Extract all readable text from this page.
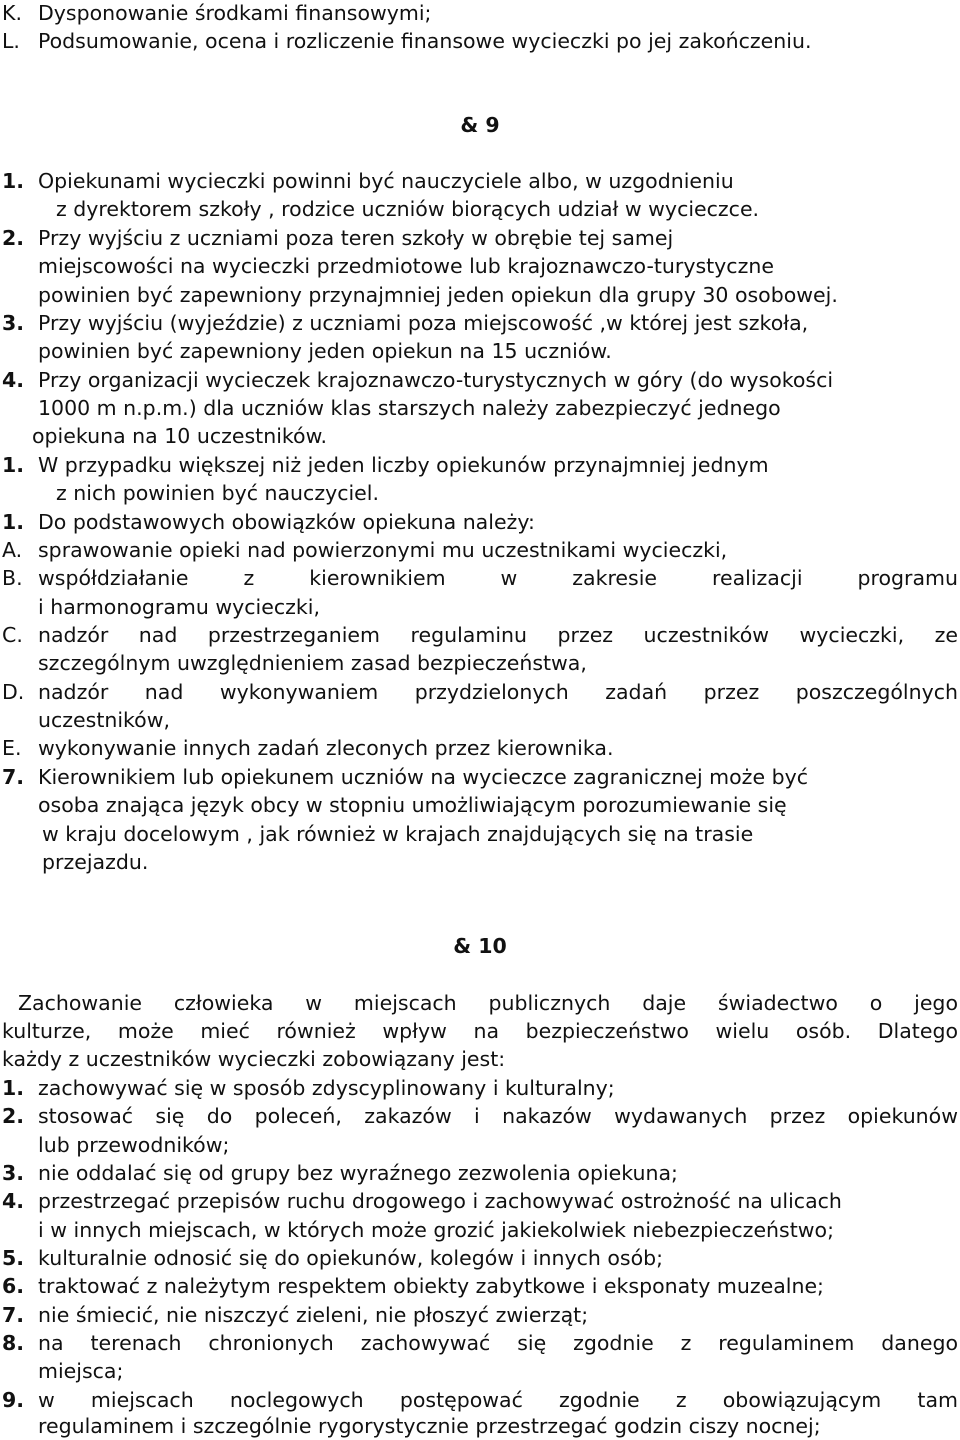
K. Dysponowanie środkami finansowymi;
L. Podsumowanie, ocena i rozliczenie finansowe wycieczki po jej zakończeniu.
& 9
1. Opiekunami wycieczki powinni być nauczyciele albo, w uzgodnieniu
z dyrektorem szkoły , rodzice uczniów biorących udział w wycieczce.
2. Przy wyjściu z uczniami poza teren szkoły w obrębie tej samej
miejscowości na wycieczki przedmiotowe lub krajoznawczo-turystyczne
powinien być zapewniony przynajmniej jeden opiekun dla grupy 30 osobowej.
3. Przy wyjściu (wyjeździe) z uczniami poza miejscowość ,w której jest szkoła,
powinien być zapewniony jeden opiekun na 15 uczniów.
4. Przy organizacji wycieczek krajoznawczo-turystycznych w góry (do wysokości
1000 m n.p.m.) dla uczniów klas starszych należy zabezpieczyć jednego
opiekuna na 10 uczestników.
1. W przypadku większej niż jeden liczby opiekunów przynajmniej jednym
z nich powinien być nauczyciel.
1. Do podstawowych obowiązków opiekuna należy:
A. sprawowanie opieki nad powierzonymi mu uczestnikami wycieczki,
B. współdziałanie z kierownikiem w zakresie realizacji programu
i harmonogramu wycieczki,
C. nadzór nad przestrzeganiem regulaminu przez uczestników wycieczki, ze
szczególnym uwzględnieniem zasad bezpieczeństwa,
D. nadzór nad wykonywaniem przydzielonych zadań przez poszczególnych
uczestników,
E. wykonywanie innych zadań zleconych przez kierownika.
7. Kierownikiem lub opiekunem uczniów na wycieczce zagranicznej może być
osoba znająca język obcy w stopniu umożliwiającym porozumiewanie się
w kraju docelowym , jak również w krajach znajdujących się na trasie
przejazdu.
& 10
Zachowanie człowieka w miejscach publicznych daje świadectwo o jego
kulturze, może mieć również wpływ na bezpieczeństwo wielu osób. Dlatego
każdy z uczestników wycieczki zobowiązany jest:
1. zachowywać się w sposób zdyscyplinowany i kulturalny;
2. stosować się do poleceń, zakazów i nakazów wydawanych przez opiekunów
lub przewodników;
3. nie oddalać się od grupy bez wyraźnego zezwolenia opiekuna;
4. przestrzegać przepisów ruchu drogowego i zachowywać ostrożność na ulicach
i w innych miejscach, w których może grozić jakiekolwiek niebezpieczeństwo;
5. kulturalnie odnosić się do opiekunów, kolegów i innych osób;
6. traktować z należytym respektem obiekty zabytkowe i eksponaty muzealne;
7. nie śmiecić, nie niszczyć zieleni, nie płoszyć zwierząt;
8. na terenach chronionych zachowywać się zgodnie z regulaminem danego
miejsca;
9. w miejscach noclegowych postępować zgodnie z obowiązującym tam
regulaminem i szczególnie rygorystycznie przestrzegać godzin ciszy nocnej;
